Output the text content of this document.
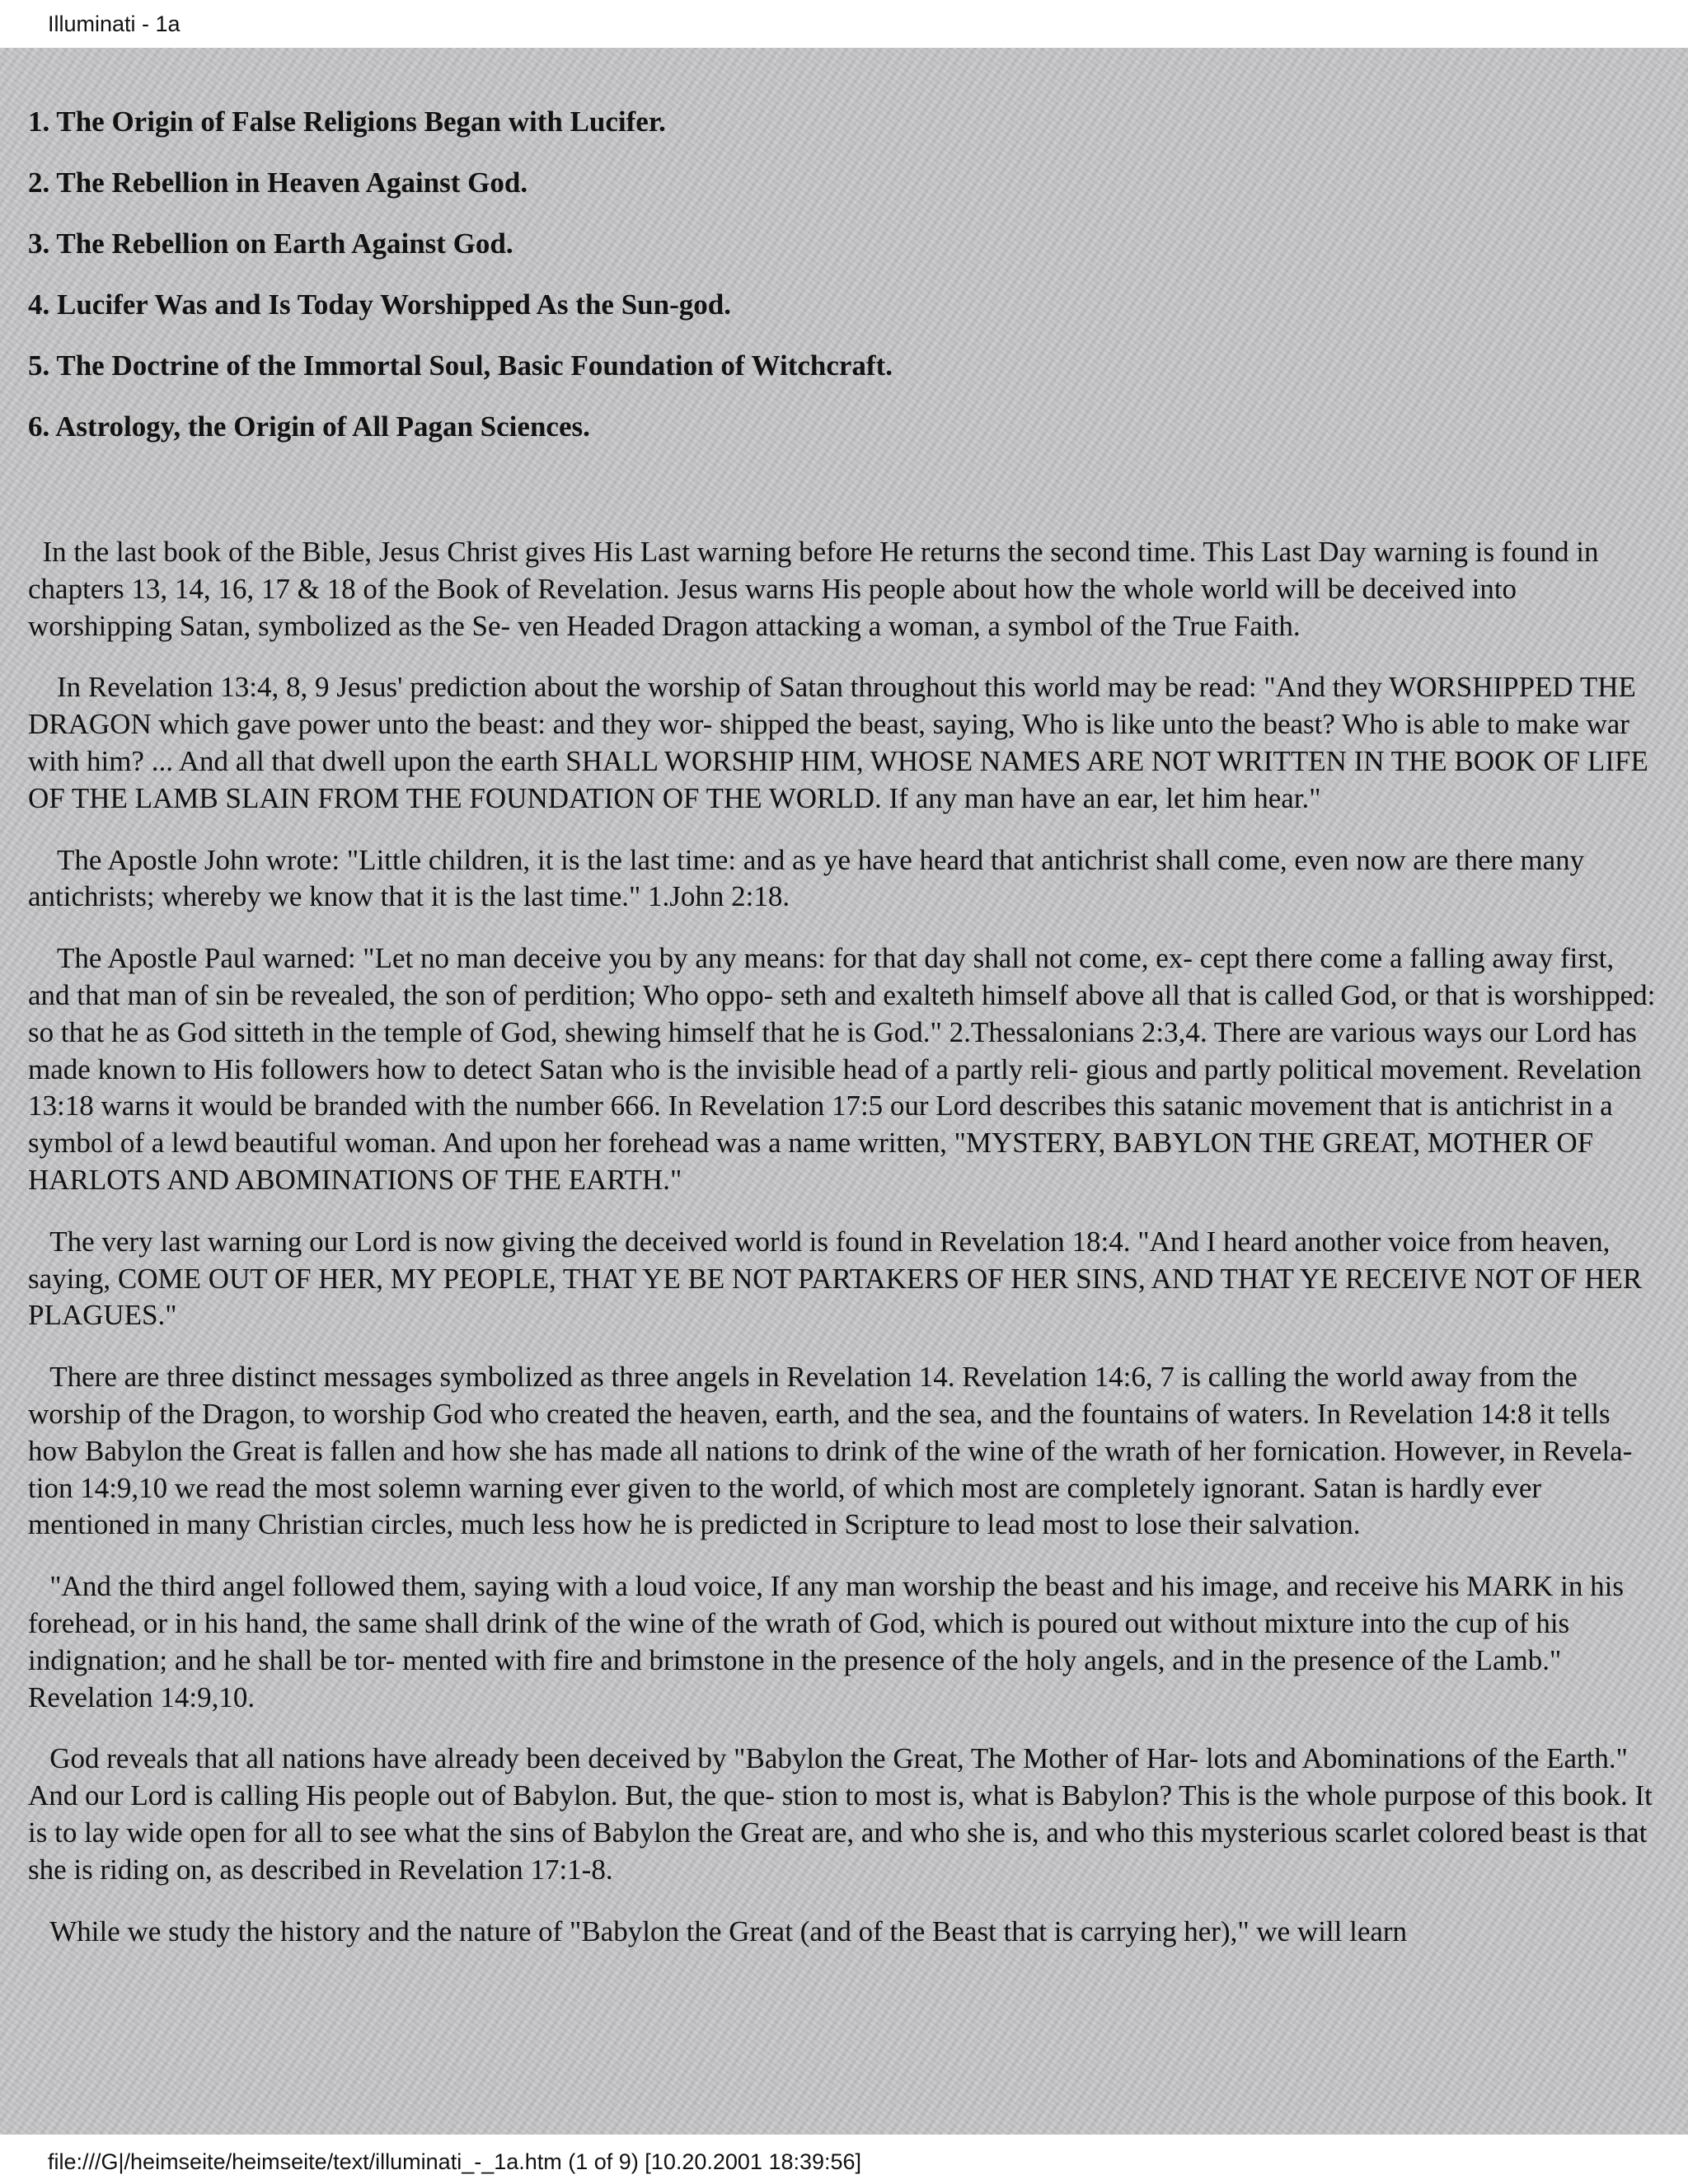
Illuminati - 1a
1. The Origin of False Religions Began with Lucifer.
2. The Rebellion in Heaven Against God.
3. The Rebellion on Earth Against God.
4. Lucifer Was and Is Today Worshipped As the Sun-god.
5. The Doctrine of the Immortal Soul, Basic Foundation of Witchcraft.
6. Astrology, the Origin of All Pagan Sciences.

In the last book of the Bible, Jesus Christ gives His Last warning before He returns the second time. This Last Day warning is found in chapters 13, 14, 16, 17 & 18 of the Book of Revelation. Jesus warns His people about how the whole world will be deceived into worshipping Satan, symbolized as the Se- ven Headed Dragon attacking a woman, a symbol of the True Faith.

In Revelation 13:4, 8, 9 Jesus' prediction about the worship of Satan throughout this world may be read: "And they WORSHIPPED THE DRAGON which gave power unto the beast: and they wor- shipped the beast, saying, Who is like unto the beast? Who is able to make war with him? ... And all that dwell upon the earth SHALL WORSHIP HIM, WHOSE NAMES ARE NOT WRITTEN IN THE BOOK OF LIFE OF THE LAMB SLAIN FROM THE FOUNDATION OF THE WORLD. If any man have an ear, let him hear."

The Apostle John wrote: "Little children, it is the last time: and as ye have heard that antichrist shall come, even now are there many antichrists; whereby we know that it is the last time." 1.John 2:18.

The Apostle Paul warned: "Let no man deceive you by any means: for that day shall not come, ex- cept there come a falling away first, and that man of sin be revealed, the son of perdition; Who oppo- seth and exalteth himself above all that is called God, or that is worshipped: so that he as God sitteth in the temple of God, shewing himself that he is God." 2.Thessalonians 2:3,4. There are various ways our Lord has made known to His followers how to detect Satan who is the invisible head of a partly reli- gious and partly political movement. Revelation 13:18 warns it would be branded with the number 666. In Revelation 17:5 our Lord describes this satanic movement that is antichrist in a symbol of a lewd beautiful woman. And upon her forehead was a name written, "MYSTERY, BABYLON THE GREAT, MOTHER OF HARLOTS AND ABOMINATIONS OF THE EARTH."

The very last warning our Lord is now giving the deceived world is found in Revelation 18:4. "And I heard another voice from heaven, saying, COME OUT OF HER, MY PEOPLE, THAT YE BE NOT PARTAKERS OF HER SINS, AND THAT YE RECEIVE NOT OF HER PLAGUES."

There are three distinct messages symbolized as three angels in Revelation 14. Revelation 14:6, 7 is calling the world away from the worship of the Dragon, to worship God who created the heaven, earth, and the sea, and the fountains of waters. In Revelation 14:8 it tells how Babylon the Great is fallen and how she has made all nations to drink of the wine of the wrath of her fornication. However, in Revela- tion 14:9,10 we read the most solemn warning ever given to the world, of which most are completely ignorant. Satan is hardly ever mentioned in many Christian circles, much less how he is predicted in Scripture to lead most to lose their salvation.

"And the third angel followed them, saying with a loud voice, If any man worship the beast and his image, and receive his MARK in his forehead, or in his hand, the same shall drink of the wine of the wrath of God, which is poured out without mixture into the cup of his indignation; and he shall be tor- mented with fire and brimstone in the presence of the holy angels, and in the presence of the Lamb." Revelation 14:9,10.

God reveals that all nations have already been deceived by "Babylon the Great, The Mother of Har- lots and Abominations of the Earth." And our Lord is calling His people out of Babylon. But, the que- stion to most is, what is Babylon? This is the whole purpose of this book. It is to lay wide open for all to see what the sins of Babylon the Great are, and who she is, and who this mysterious scarlet colored beast is that she is riding on, as described in Revelation 17:1-8.

While we study the history and the nature of "Babylon the Great (and of the Beast that is carrying her)," we will learn

file:///G|/heimseite/heimseite/text/illuminati_-_1a.htm (1 of 9) [10.20.2001 18:39:56]
